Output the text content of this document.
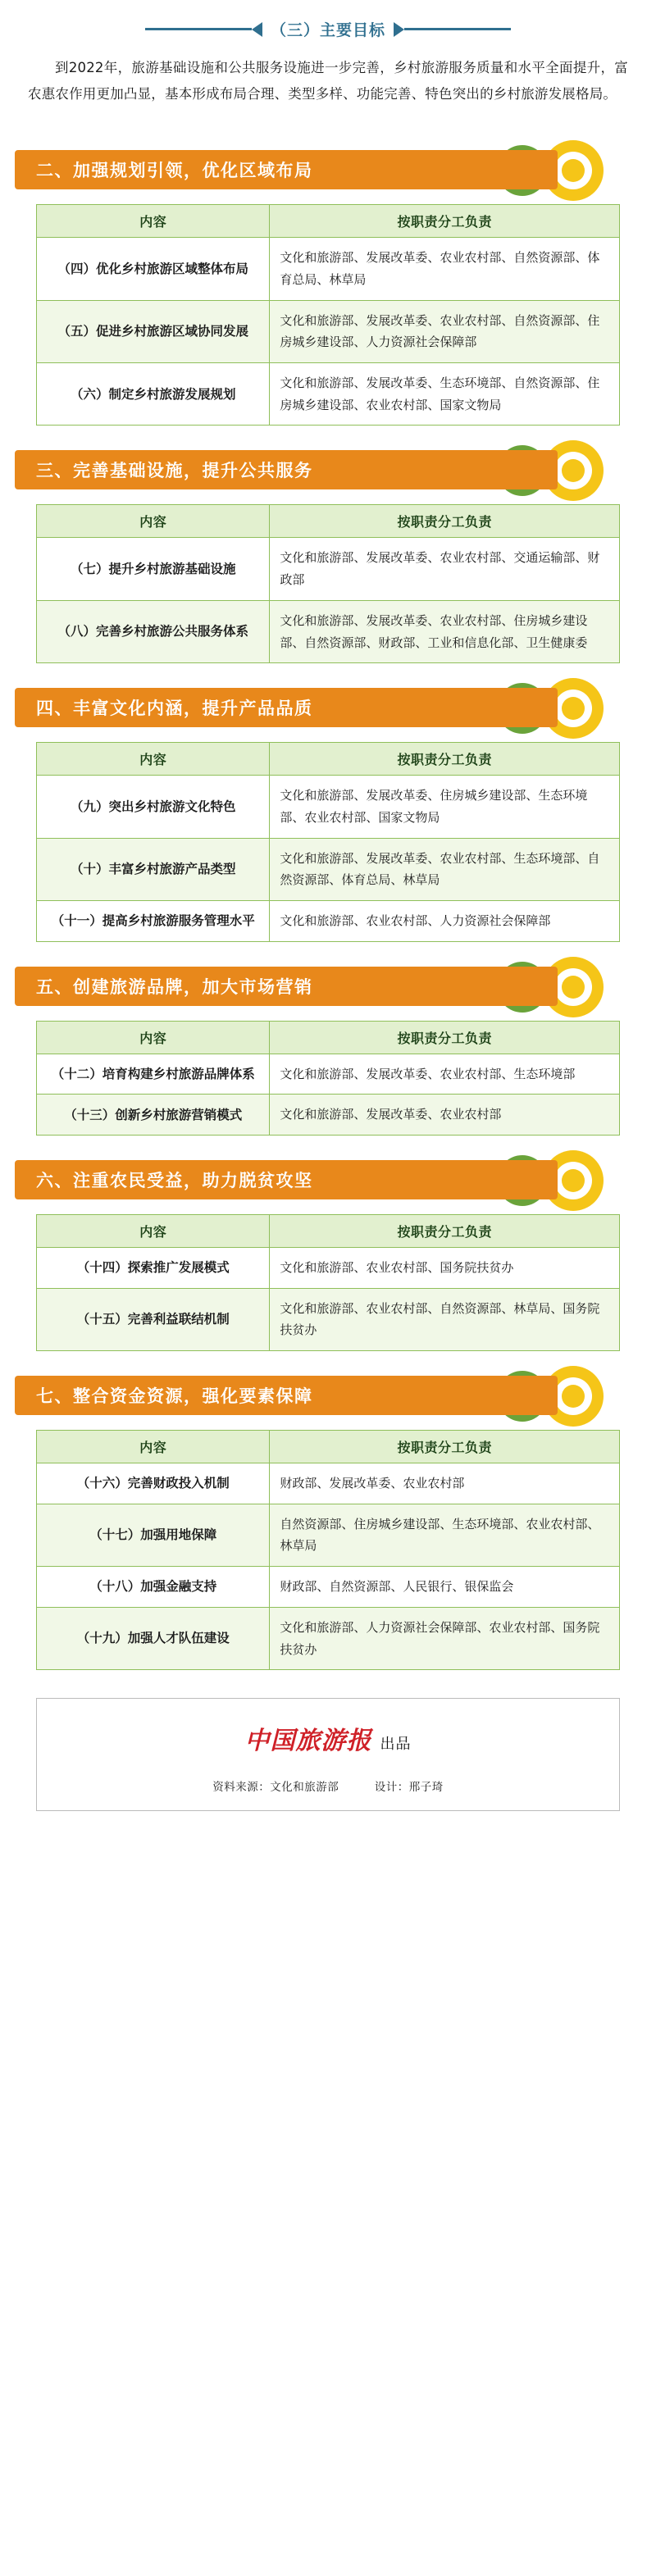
（三）主要目标
到2022年，旅游基础设施和公共服务设施进一步完善，乡村旅游服务质量和水平全面提升，富农惠农作用更加凸显，基本形成布局合理、类型多样、功能完善、特色突出的乡村旅游发展格局。
二、加强规划引领，优化区域布局
内容	按职责分工负责
（四）优化乡村旅游区域整体布局	文化和旅游部、发展改革委、农业农村部、自然资源部、体育总局、林草局
（五）促进乡村旅游区域协同发展	文化和旅游部、发展改革委、农业农村部、自然资源部、住房城乡建设部、人力资源社会保障部
（六）制定乡村旅游发展规划	文化和旅游部、发展改革委、生态环境部、自然资源部、住房城乡建设部、农业农村部、国家文物局
三、完善基础设施，提升公共服务
内容	按职责分工负责
（七）提升乡村旅游基础设施	文化和旅游部、发展改革委、农业农村部、交通运输部、财政部
（八）完善乡村旅游公共服务体系	文化和旅游部、发展改革委、农业农村部、住房城乡建设部、自然资源部、财政部、工业和信息化部、卫生健康委
四、丰富文化内涵，提升产品品质
内容	按职责分工负责
（九）突出乡村旅游文化特色	文化和旅游部、发展改革委、住房城乡建设部、生态环境部、农业农村部、国家文物局
（十）丰富乡村旅游产品类型	文化和旅游部、发展改革委、农业农村部、生态环境部、自然资源部、体育总局、林草局
（十一）提高乡村旅游服务管理水平	文化和旅游部、农业农村部、人力资源社会保障部
五、创建旅游品牌，加大市场营销
内容	按职责分工负责
（十二）培育构建乡村旅游品牌体系	文化和旅游部、发展改革委、农业农村部、生态环境部
（十三）创新乡村旅游营销模式	文化和旅游部、发展改革委、农业农村部
六、注重农民受益，助力脱贫攻坚
内容	按职责分工负责
（十四）探索推广发展模式	文化和旅游部、农业农村部、国务院扶贫办
（十五）完善利益联结机制	文化和旅游部、农业农村部、自然资源部、林草局、国务院扶贫办
七、整合资金资源，强化要素保障
内容	按职责分工负责
（十六）完善财政投入机制	财政部、发展改革委、农业农村部
（十七）加强用地保障	自然资源部、住房城乡建设部、生态环境部、农业农村部、林草局
（十八）加强金融支持	财政部、自然资源部、人民银行、银保监会
（十九）加强人才队伍建设	文化和旅游部、人力资源社会保障部、农业农村部、国务院扶贫办
中国旅游报 出品
资料来源：文化和旅游部	设计：邢子琦
